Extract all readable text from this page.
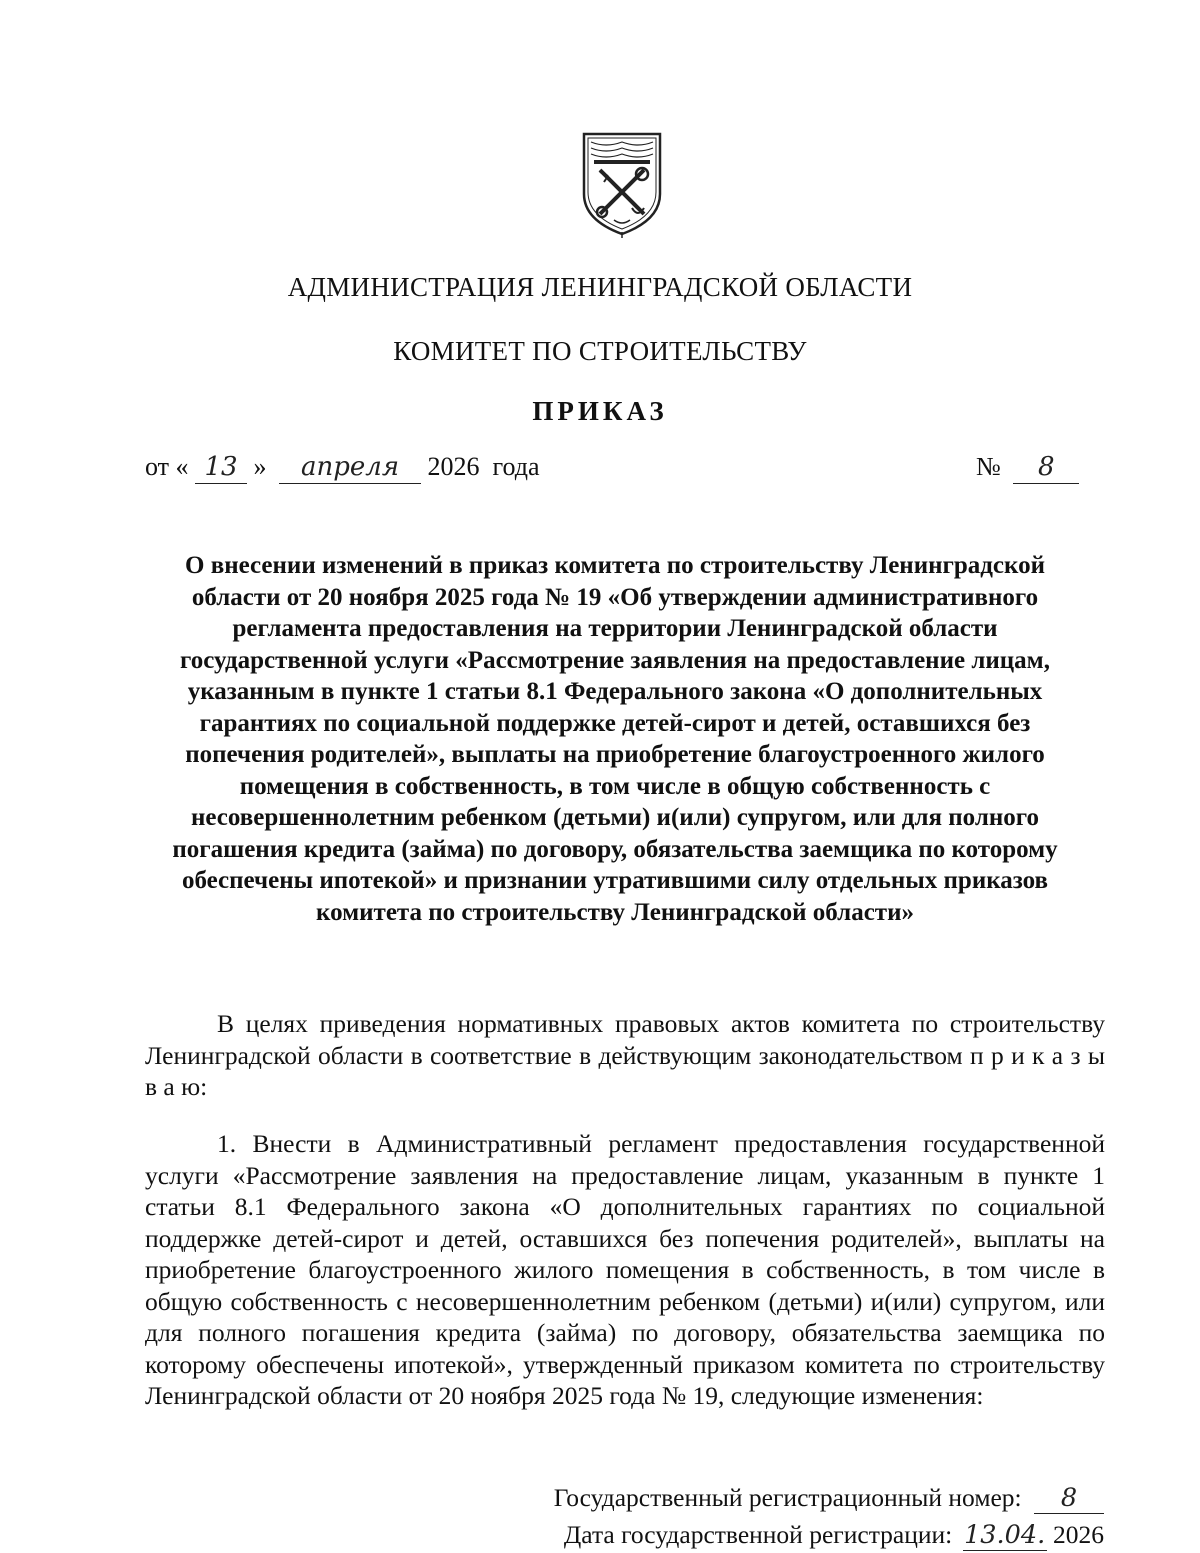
АДМИНИСТРАЦИЯ ЛЕНИНГРАДСКОЙ ОБЛАСТИ
КОМИТЕТ ПО СТРОИТЕЛЬСТВУ
ПРИКАЗ
от « 13 » апреля 2026  года	№ 8
О внесении изменений в приказ комитета по строительству Ленинградской области от 20 ноября 2025 года № 19 «Об утверждении административного регламента предоставления на территории Ленинградской области государственной услуги «Рассмотрение заявления на предоставление лицам, указанным в пункте 1 статьи 8.1 Федерального закона «О дополнительных гарантиях по социальной поддержке детей-сирот и детей, оставшихся без попечения родителей», выплаты на приобретение благоустроенного жилого помещения в собственность, в том числе в общую собственность с несовершеннолетним ребенком (детьми) и(или) супругом, или для полного погашения кредита (займа) по договору, обязательства заемщика по которому обеспечены ипотекой» и признании утратившими силу отдельных приказов комитета по строительству Ленинградской области»
В целях приведения нормативных правовых актов комитета по строительству Ленинградской области в соответствие в действующим законодательством п р и к а з ы в а ю:
1. Внести в Административный регламент предоставления государственной услуги «Рассмотрение заявления на предоставление лицам, указанным в пункте 1 статьи 8.1 Федерального закона «О дополнительных гарантиях по социальной поддержке детей-сирот и детей, оставшихся без попечения родителей», выплаты на приобретение благоустроенного жилого помещения в собственность, в том числе в общую собственность с несовершеннолетним ребенком (детьми) и(или) супругом, или для полного погашения кредита (займа) по договору, обязательства заемщика по которому обеспечены ипотекой», утвержденный приказом комитета по строительству Ленинградской области от 20 ноября 2025 года № 19, следующие изменения:
Государственный регистрационный номер: 8
Дата государственной регистрации: 13.04. 2026
